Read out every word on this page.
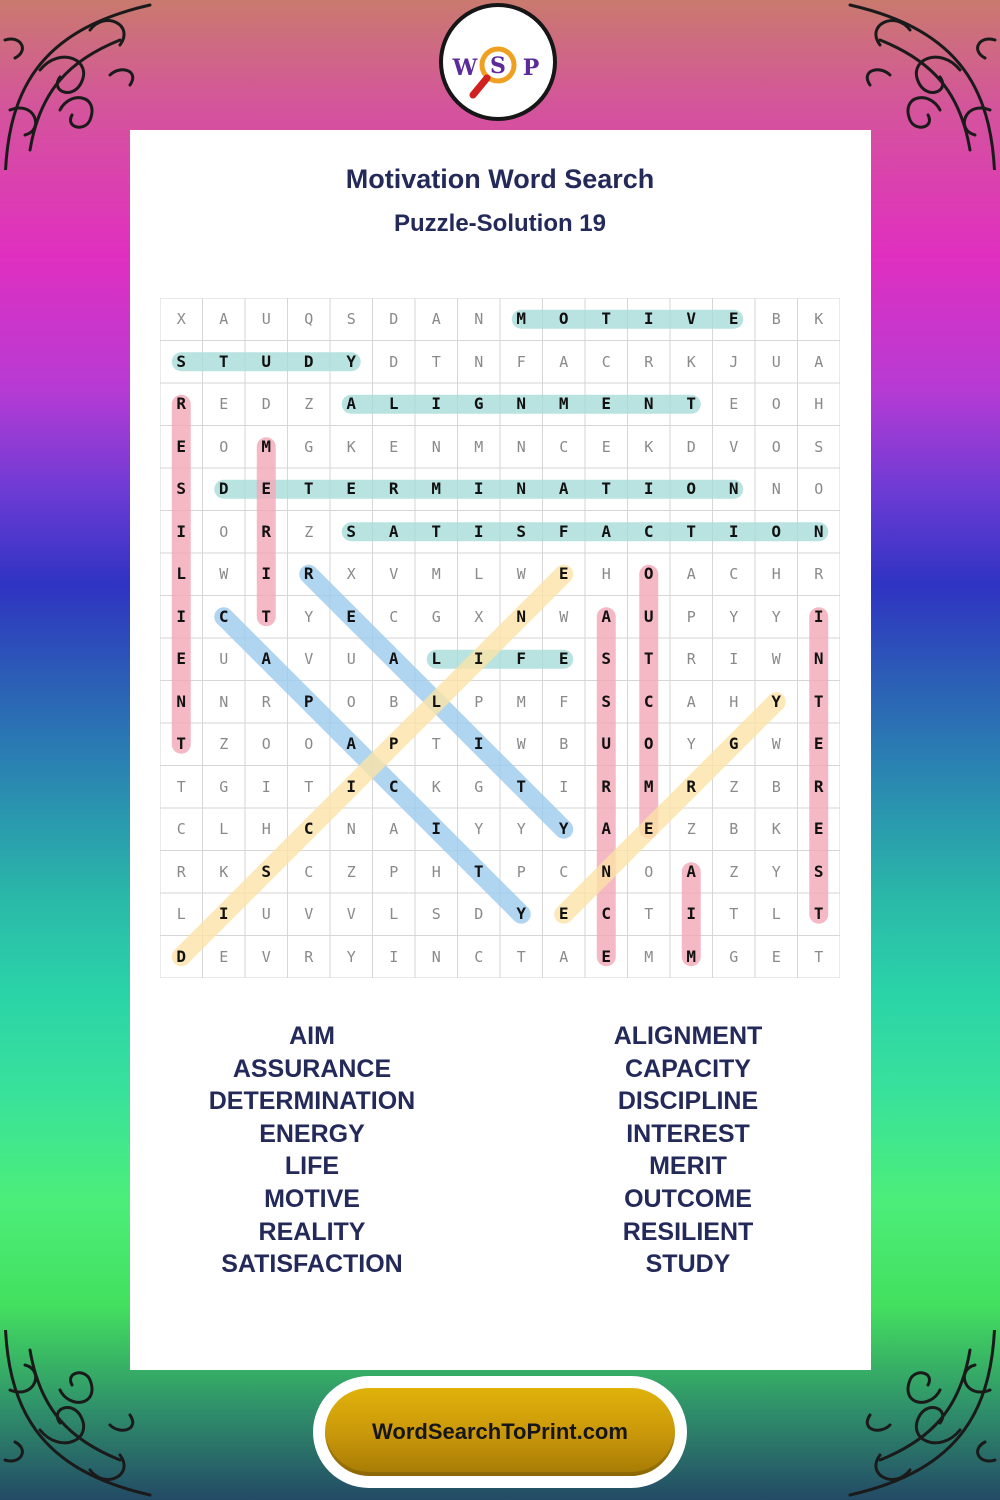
W S P
Motivation Word Search
Puzzle-Solution 19
X	A	U	Q	S	D	A	N	M	O	T	I	V	E	B	K
S	T	U	D	Y	D	T	N	F	A	C	R	K	J	U	A
R	E	D	Z	A	L	I	G	N	M	E	N	T	E	O	H
E	O	M	G	K	E	N	M	N	C	E	K	D	V	O	S
S	D	E	T	E	R	M	I	N	A	T	I	O	N	N	O
I	O	R	Z	S	A	T	I	S	F	A	C	T	I	O	N
L	W	I	R	X	V	M	L	W	E	H	O	A	C	H	R
I	C	T	Y	E	C	G	X	N	W	A	U	P	Y	Y	I
E	U	A	V	U	A	L	I	F	E	S	T	R	I	W	N
N	N	R	P	O	B	L	P	M	F	S	C	A	H	Y	T
T	Z	O	O	A	P	T	I	W	B	U	O	Y	G	W	E
T	G	I	T	I	C	K	G	T	I	R	M	R	Z	B	R
C	L	H	C	N	A	I	Y	Y	Y	A	E	Z	B	K	E
R	K	S	C	Z	P	H	T	P	C	N	O	A	Z	Y	S
L	I	U	V	V	L	S	D	Y	E	C	T	I	T	L	T
D	E	V	R	Y	I	N	C	T	A	E	M	M	G	E	T
AIM
ASSURANCE
DETERMINATION
ENERGY
LIFE
MOTIVE
REALITY
SATISFACTION
ALIGNMENT
CAPACITY
DISCIPLINE
INTEREST
MERIT
OUTCOME
RESILIENT
STUDY
WordSearchToPrint.com
